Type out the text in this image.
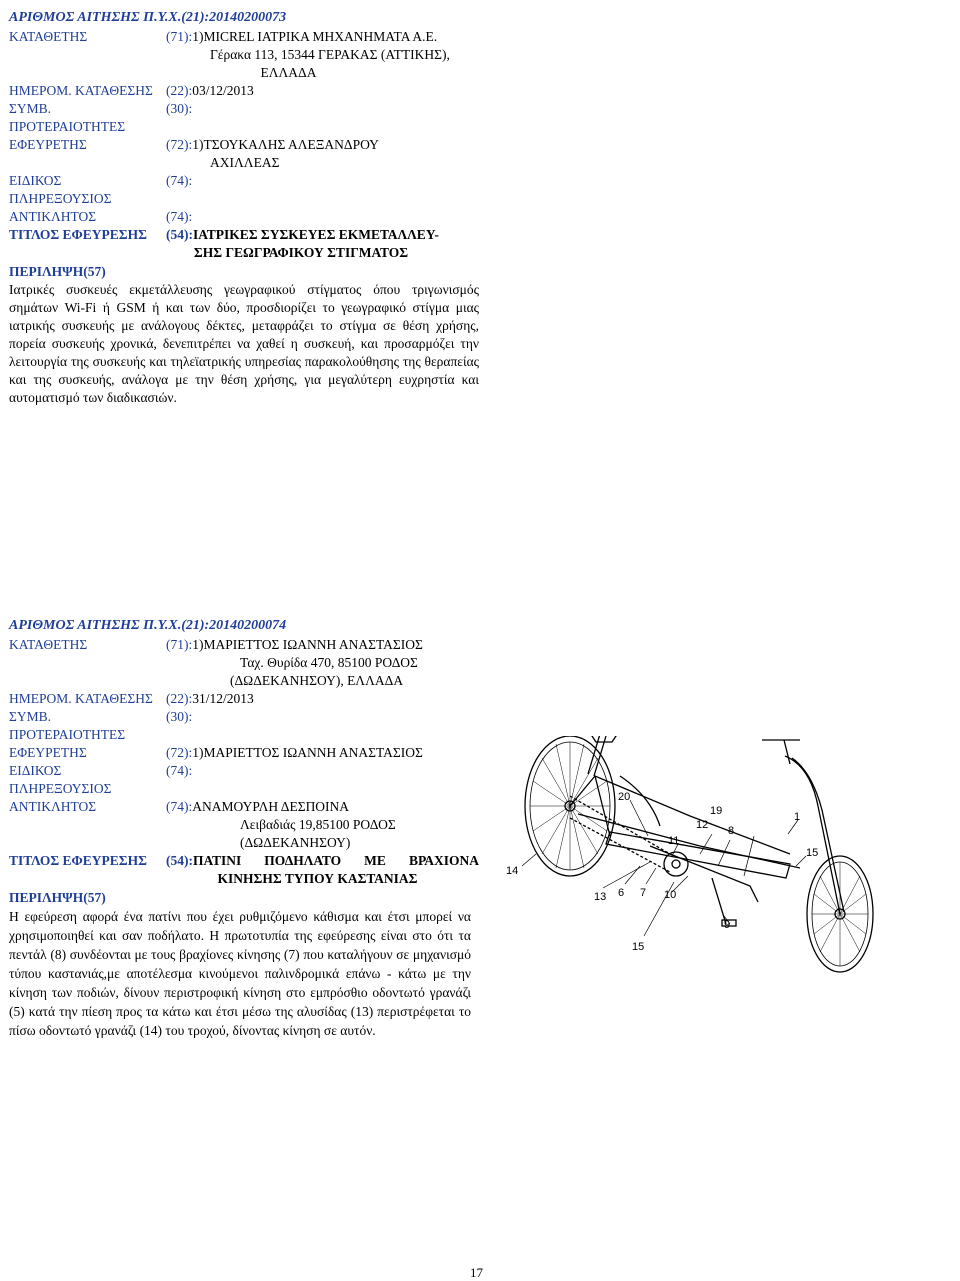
ΑΡΙΘΜΟΣ ΑΙΤΗΣΗΣ Π.Υ.Χ.(21):20140200073
ΚΑΤΑΘΕΤΗΣ	(71): 1)MICREL ΙΑΤΡΙΚΑ ΜΗΧΑΝΗΜΑΤΑ Α.Ε.
Γέρακα 113, 15344 ΓΕΡΑΚΑΣ (ΑΤΤΙΚΗΣ),
ΕΛΛΑΔΑ
ΗΜΕΡΟΜ. ΚΑΤΑΘΕΣΗΣ (22): 03/12/2013
ΣΥΜΒ. ΠΡΟΤΕΡΑΙΟΤΗΤΕΣ
(30):
ΕΦΕΥΡΕΤΗΣ	(72): 1)ΤΣΟΥΚΑΛΗΣ ΑΛΕΞΑΝΔΡΟΥ
ΑΧΙΛΛΕΑΣ
ΕΙΔΙΚΟΣ ΠΛΗΡΕΞΟΥΣΙΟΣ
(74):
ΑΝΤΙΚΛΗΤΟΣ	(74):
ΤΙΤΛΟΣ ΕΦΕΥΡΕΣΗΣ	(54): ΙΑΤΡΙΚΕΣ ΣΥΣΚΕΥΕΣ ΕΚΜΕΤΑΛΛΕΥ-
ΣΗΣ ΓΕΩΓΡΑΦΙΚΟΥ ΣΤΙΓΜΑΤΟΣ
ΠΕΡΙΛΗΨΗ(57)

Ιατρικές συσκευές εκμετάλλευσης γεωγραφικού στίγματος όπου τριγωνισμός σημάτων Wi-Fi ή GSM ή και των δύο, προσδιορίζει το γεωγραφικό στίγμα μιας ιατρικής συσκευής με ανάλογους δέκτες, μεταφράζει το στίγμα σε θέση χρήσης, πορεία συσκευής χρονικά, δενεπιτρέπει να χαθεί η συσκευή, και προσαρμόζει την λειτουργία της συσκευής και τηλεϊατρικής υπηρεσίας παρακολούθησης της θεραπείας και της συσκευής, ανάλογα με την θέση χρήσης, για μεγαλύτερη ευχρηστία και αυτοματισμό των διαδικασιών.

ΑΡΙΘΜΟΣ ΑΙΤΗΣΗΣ Π.Υ.Χ.(21):20140200074
ΚΑΤΑΘΕΤΗΣ	(71): 1)ΜΑΡΙΕΤΤΟΣ ΙΩΑΝΝΗ ΑΝΑΣΤΑΣΙΟΣ
Ταχ. Θυρίδα 470, 85100 ΡΟΔΟΣ
(ΔΩΔΕΚΑΝΗΣΟΥ), ΕΛΛΑΔΑ
ΗΜΕΡΟΜ. ΚΑΤΑΘΕΣΗΣ (22): 31/12/2013
ΣΥΜΒ. ΠΡΟΤΕΡΑΙΟΤΗΤΕΣ
(30):
ΕΦΕΥΡΕΤΗΣ	(72): 1)ΜΑΡΙΕΤΤΟΣ ΙΩΑΝΝΗ ΑΝΑΣΤΑΣΙΟΣ
ΕΙΔΙΚΟΣ ΠΛΗΡΕΞΟΥΣΙΟΣ
(74):
ΑΝΤΙΚΛΗΤΟΣ	(74): ΑΝΑΜΟΥΡΛΗ ΔΕΣΠΟΙΝΑ
Λειβαδιάς 19,85100 ΡΟΔΟΣ
(ΔΩΔΕΚΑΝΗΣΟΥ)
ΤΙΤΛΟΣ ΕΦΕΥΡΕΣΗΣ	(54): ΠΑΤΙΝΙ ΠΟΔΗΛΑΤΟ ΜΕ ΒΡΑΧΙΟΝΑ
ΚΙΝΗΣΗΣ ΤΥΠΟΥ ΚΑΣΤΑΝΙΑΣ
ΠΕΡΙΛΗΨΗ(57)

Η εφεύρεση αφορά ένα πατίνι που έχει ρυθμιζόμενο κάθισμα και έτσι μπορεί να χρησιμοποιηθεί και σαν ποδήλατο. Η πρωτοτυπία της εφεύρεσης είναι στο ότι τα πεντάλ (8) συνδέονται με τους βραχίονες κίνησης (7) που καταλήγουν σε μηχανισμό τύπου καστανιάς,με αποτέλεσμα κινούμενοι παλινδρομικά επάνω - κάτω με την κίνηση των ποδιών, δίνουν περιστροφική κίνηση στο εμπρόσθιο οδοντωτό γρανάζι (5) κατά την πίεση προς τα κάτω και έτσι μέσω της αλυσίδας (13) περιστρέφεται το πίσω οδοντωτό γρανάζι (14) του τροχού, δίνοντας κίνηση σε αυτόν.

20
11
19
12 8
1
15
14
13 6 7 10
9
15
17
